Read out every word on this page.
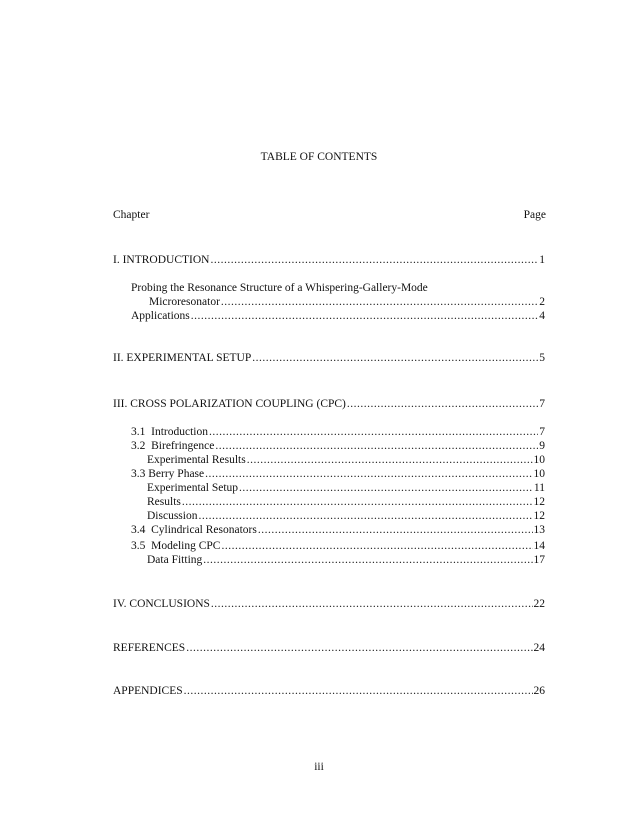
TABLE OF CONTENTS
Chapter	Page
I. INTRODUCTION .....	1
Probing the Resonance Structure of a Whispering-Gallery-Mode
Microresonator .....	2
Applications .....	4
II. EXPERIMENTAL SETUP .....	5
III. CROSS POLARIZATION COUPLING (CPC) .....	7
3.1  Introduction .....	7
3.2  Birefringence .....	9
Experimental Results .....	10
3.3 Berry Phase .....	10
Experimental Setup .....	11
Results .....	12
Discussion .....	12
3.4  Cylindrical Resonators .....	13
3.5  Modeling CPC .....	14
Data Fitting .....	17
IV. CONCLUSIONS .....	22
REFERENCES .....	24
APPENDICES .....	26
iii
